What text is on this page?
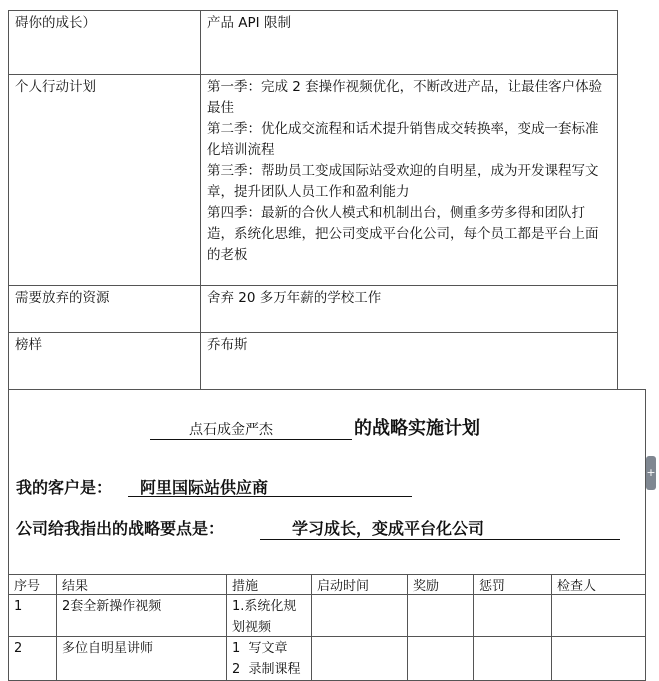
碍你的成长）	产品 API 限制

个人行动计划	第一季：完成 2 套操作视频优化，不断改进产品，让最佳客户体验最佳

第二季：优化成交流程和话术提升销售成交转换率，变成一套标准化培训流程

第三季：帮助员工变成国际站受欢迎的自明星，成为开发课程写文章，提升团队人员工作和盈利能力

第四季：最新的合伙人模式和机制出台，侧重多劳多得和团队打造，系统化思维，把公司变成平台化公司，每个员工都是平台上面的老板

需要放弃的资源	舍弃 20 多万年薪的学校工作

榜样	乔布斯

点石成金严杰	的战略实施计划
我的客户是： 阿里国际站供应商
公司给我指出的战略要点是：	学习成长，变成平台化公司
序号	结果	措施	启动时间	奖励	惩罚	检查人
1	2套全新操作视频	1.系统化规
划视频
2	多位自明星讲师	1  写文章
2  录制课程
+
